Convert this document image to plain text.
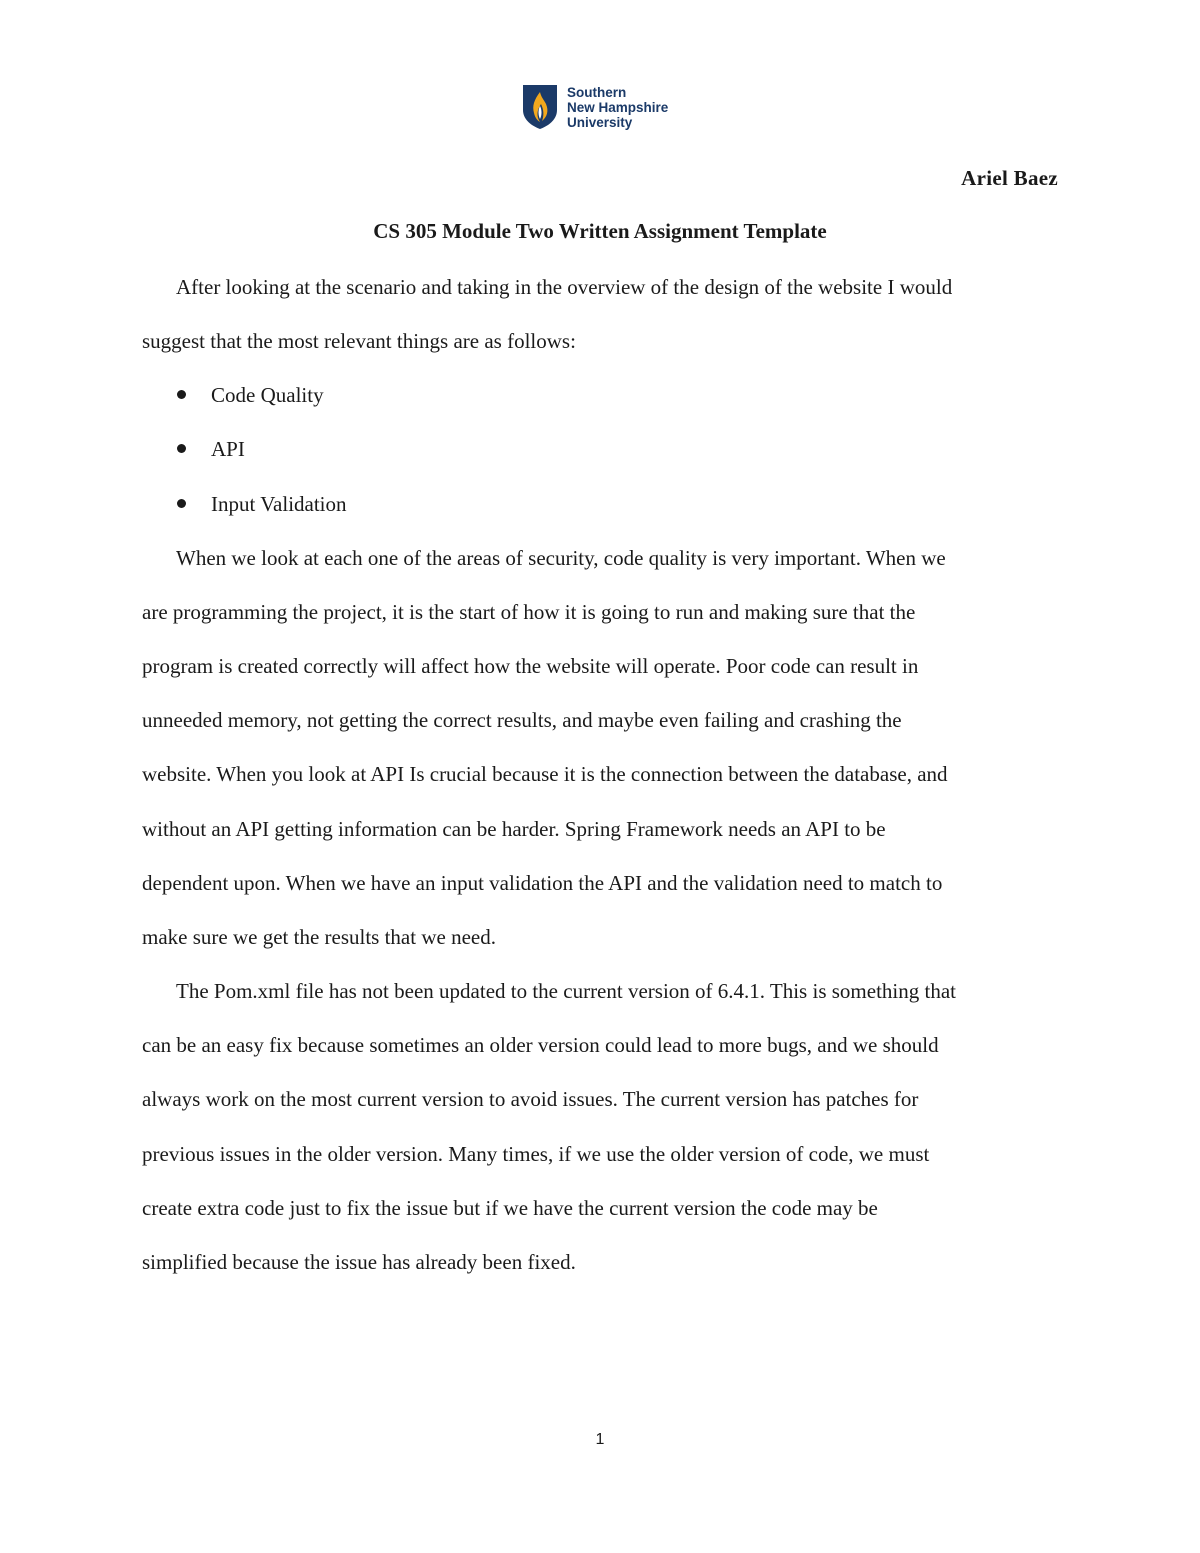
Southern
New Hampshire
University
Ariel Baez
CS 305 Module Two Written Assignment Template
After looking at the scenario and taking in the overview of the design of the website I would
suggest that the most relevant things are as follows:
Code Quality
API
Input Validation
When we look at each one of the areas of security, code quality is very important. When we
are programming the project, it is the start of how it is going to run and making sure that the
program is created correctly will affect how the website will operate. Poor code can result in
unneeded memory, not getting the correct results, and maybe even failing and crashing the
website. When you look at API Is crucial because it is the connection between the database, and
without an API getting information can be harder. Spring Framework needs an API to be
dependent upon. When we have an input validation the API and the validation need to match to
make sure we get the results that we need.
The Pom.xml file has not been updated to the current version of 6.4.1. This is something that
can be an easy fix because sometimes an older version could lead to more bugs, and we should
always work on the most current version to avoid issues. The current version has patches for
previous issues in the older version. Many times, if we use the older version of code, we must
create extra code just to fix the issue but if we have the current version the code may be
simplified because the issue has already been fixed.
1
